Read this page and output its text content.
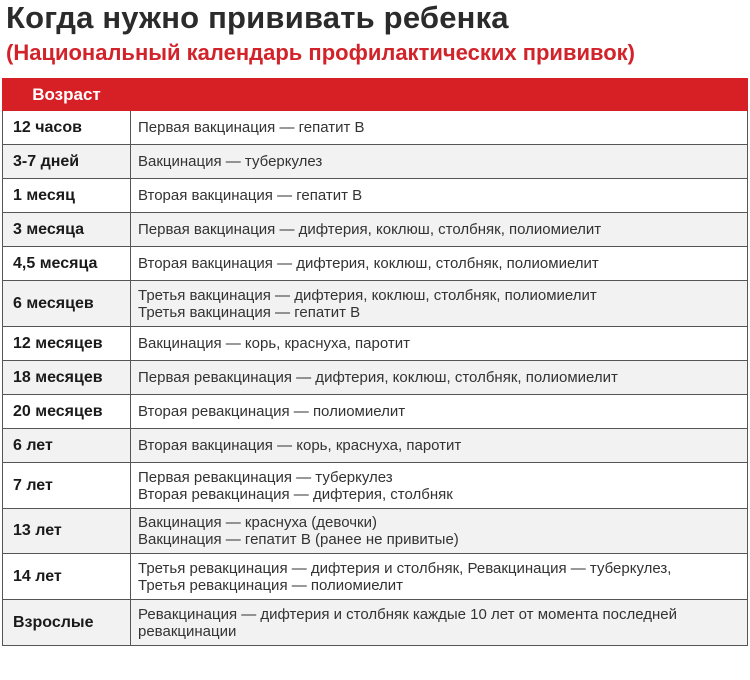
Когда нужно прививать ребенка
(Национальный календарь профилактических прививок)
Возраст	
12 часов	Первая вакцинация — гепатит В

3-7 дней	Вакцинация — туберкулез

1 месяц	Вторая вакцинация — гепатит В

3 месяца	Первая вакцинация — дифтерия, коклюш, столбняк, полиомиелит

4,5 месяца	Вторая вакцинация — дифтерия, коклюш, столбняк, полиомиелит

6 месяцев	Третья вакцинация — дифтерия, коклюш, столбняк, полиомиелит
Третья вакцинация — гепатит В

12 месяцев	Вакцинация — корь, краснуха, паротит

18 месяцев	Первая ревакцинация — дифтерия, коклюш, столбняк, полиомиелит

20 месяцев	Вторая ревакцинация — полиомиелит

6 лет	Вторая вакцинация — корь, краснуха, паротит

7 лет	Первая ревакцинация — туберкулез
Вторая ревакцинация — дифтерия, столбняк

13 лет	Вакцинация — краснуха (девочки)
Вакцинация — гепатит В (ранее не привитые)

14 лет	Третья ревакцинация — дифтерия и столбняк, Ревакцинация — туберкулез,
Третья ревакцинация — полиомиелит

Взрослые	Ревакцинация — дифтерия и столбняк каждые 10 лет от момента последней
ревакцинации
